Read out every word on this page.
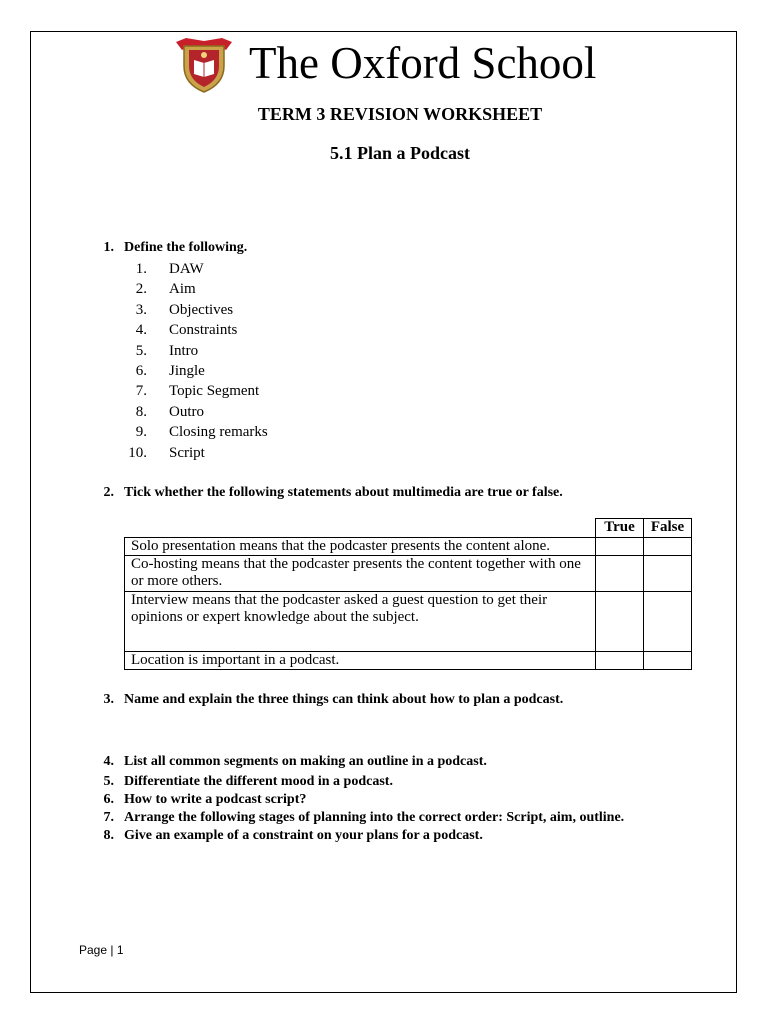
The Oxford School
TERM 3 REVISION WORKSHEET
5.1 Plan a Podcast
1. Define the following.
1. DAW
2. Aim
3. Objectives
4. Constraints
5. Intro
6. Jingle
7. Topic Segment
8. Outro
9. Closing remarks
10. Script
2. Tick whether the following statements about multimedia are true or false.
	True	False
Solo presentation means that the podcaster presents the content alone.		
Co-hosting means that the podcaster presents the content together with one or more others.		
Interview means that the podcaster asked a guest question to get their opinions or expert knowledge about the subject.		
Location is important in a podcast.		
3. Name and explain the three things can think about how to plan a podcast.
4. List all common segments on making an outline in a podcast.
5. Differentiate the different mood in a podcast.
6. How to write a podcast script?
7. Arrange the following stages of planning into the correct order: Script, aim, outline.
8. Give an example of a constraint on your plans for a podcast.
Page | 1
